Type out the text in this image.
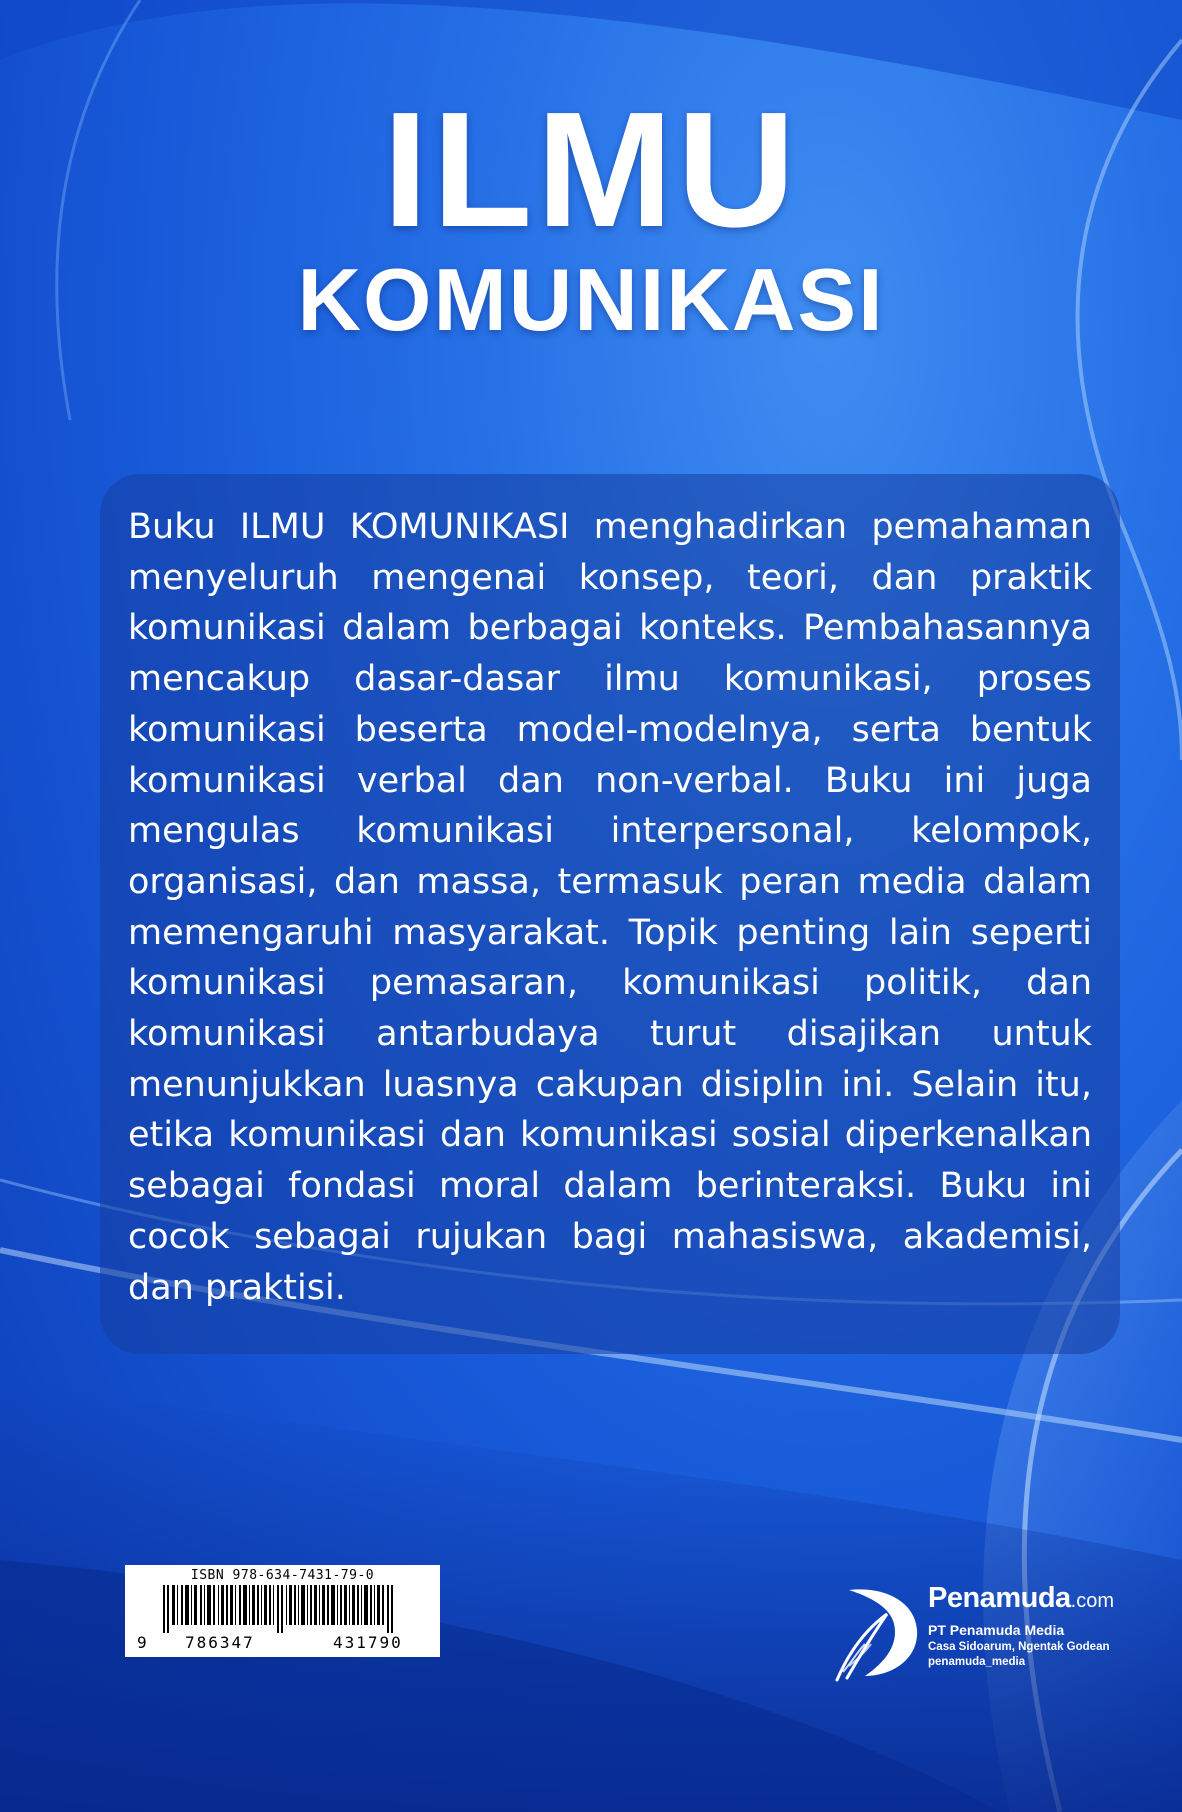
ILMU
KOMUNIKASI

Buku ILMU KOMUNIKASI menghadirkan pemahaman menyeluruh mengenai konsep, teori, dan praktik komunikasi dalam berbagai konteks. Pembahasannya mencakup dasar-dasar ilmu komunikasi, proses komunikasi beserta model-modelnya, serta bentuk komunikasi verbal dan non-verbal. Buku ini juga mengulas komunikasi interpersonal, kelompok, organisasi, dan massa, termasuk peran media dalam memengaruhi masyarakat. Topik penting lain seperti komunikasi pemasaran, komunikasi politik, dan komunikasi antarbudaya turut disajikan untuk menunjukkan luasnya cakupan disiplin ini. Selain itu, etika komunikasi dan komunikasi sosial diperkenalkan sebagai fondasi moral dalam berinteraksi. Buku ini cocok sebagai rujukan bagi mahasiswa, akademisi, dan praktisi.

ISBN 978-634-7431-79-0
9 786347	431790
Penamuda.com
PT Penamuda Media
Casa Sidoarum, Ngentak Godean
penamuda_media
